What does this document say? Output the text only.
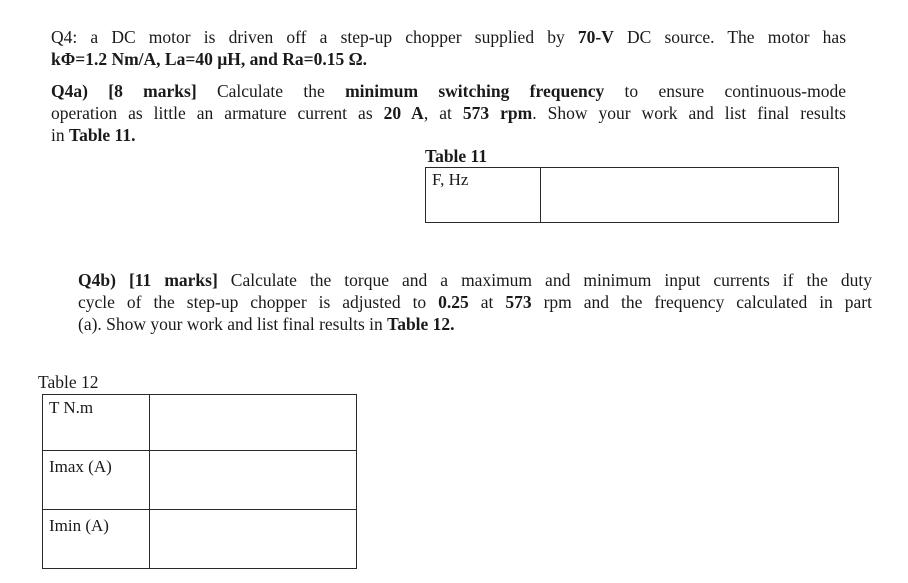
Q4: a DC motor is driven off a step-up chopper supplied by 70-V DC source. The motor has
kΦ=1.2 Nm/A, La=40 µH, and Ra=0.15 Ω.
Q4a) [8 marks] Calculate the minimum switching frequency to ensure continuous-mode
operation as little an armature current as 20 A, at 573 rpm. Show your work and list final results
in Table 11.
Table 11
F, Hz	
Q4b) [11 marks] Calculate the torque and a maximum and minimum input currents if the duty
cycle of the step-up chopper is adjusted to 0.25 at 573 rpm and the frequency calculated in part
(a). Show your work and list final results in Table 12.
Table 12
T N.m	
Imax (A)	
Imin (A)	
